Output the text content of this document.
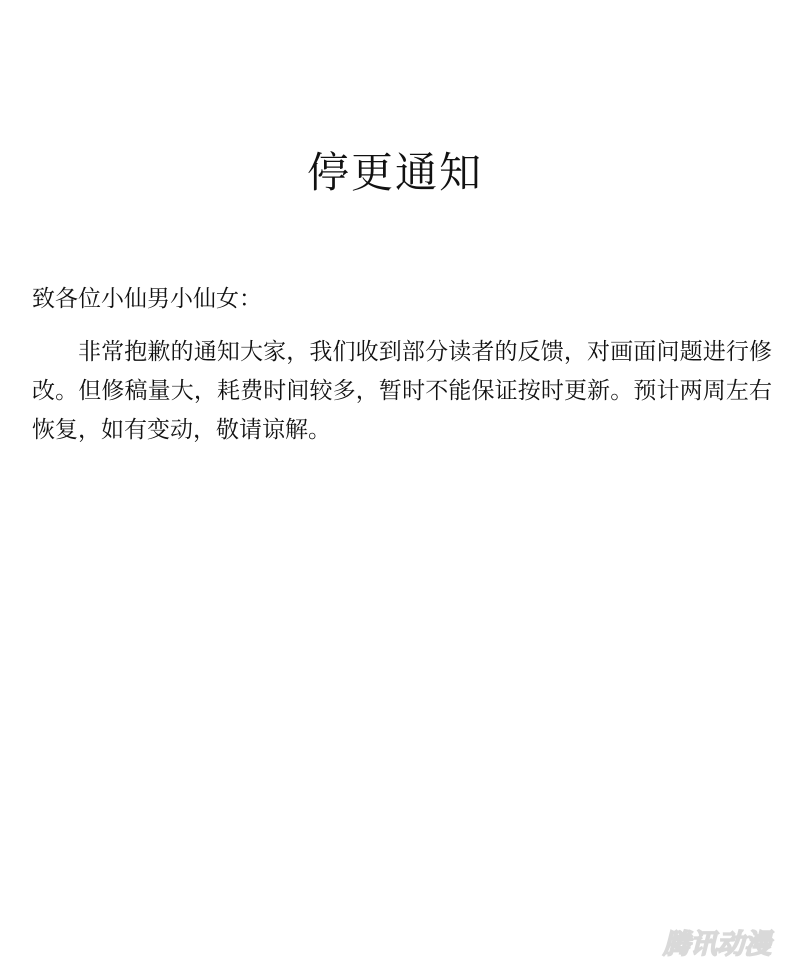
停更通知

致各位小仙男小仙女：

非常抱歉的通知大家，我们收到部分读者的反馈，对画面问题进行修改。但修稿量大，耗费时间较多，暂时不能保证按时更新。预计两周左右恢复，如有变动，敬请谅解。

腾讯动漫
